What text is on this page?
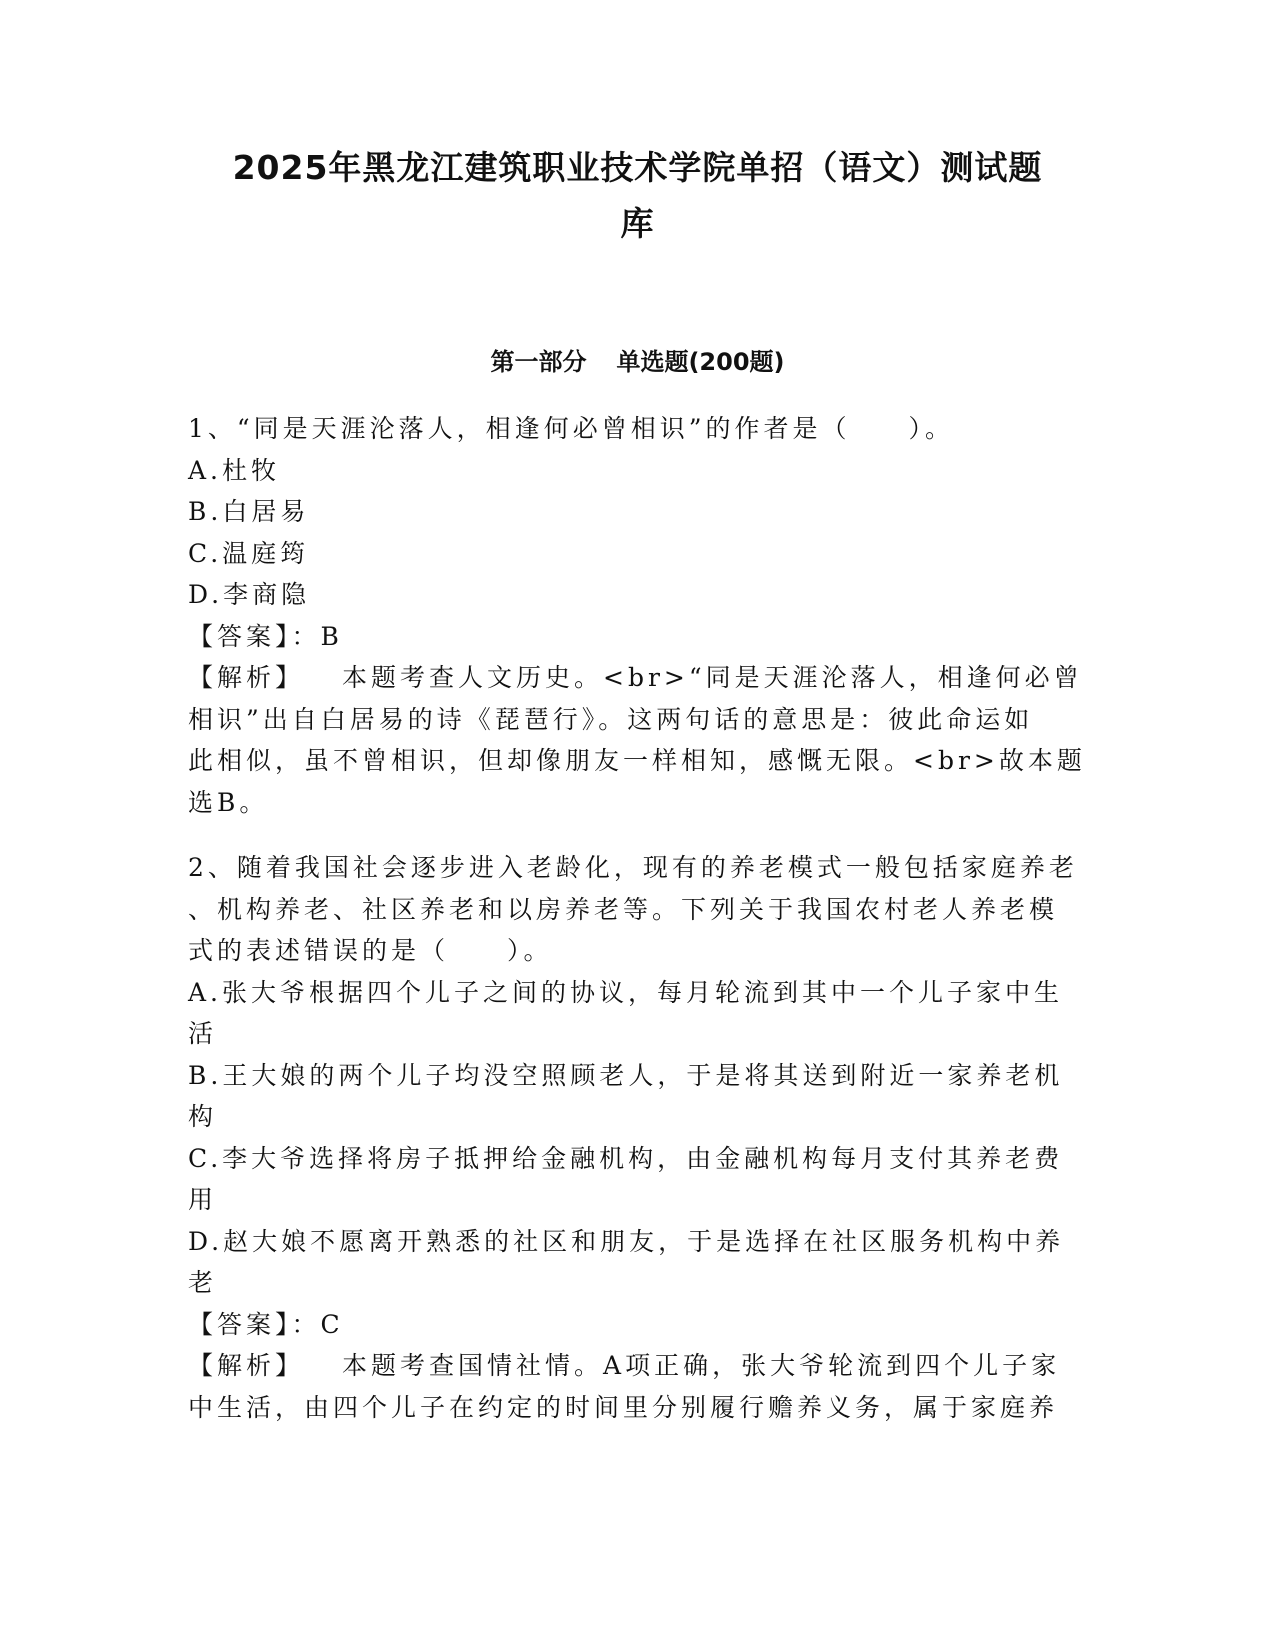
2025年黑龙江建筑职业技术学院单招（语文）测试题
库
第一部分 单选题(200题)
1、“同是天涯沦落人，相逢何必曾相识”的作者是（　　）。
A.杜牧
B.白居易
C.温庭筠
D.李商隐
【答案】：B
【解析】 本题考查人文历史。<br>“同是天涯沦落人，相逢何必曾
相识”出自白居易的诗《琵琶行》。这两句话的意思是：彼此命运如
此相似，虽不曾相识，但却像朋友一样相知，感慨无限。<br>故本题
选B。
2、随着我国社会逐步进入老龄化，现有的养老模式一般包括家庭养老
、机构养老、社区养老和以房养老等。下列关于我国农村老人养老模
式的表述错误的是（　　）。
A.张大爷根据四个儿子之间的协议，每月轮流到其中一个儿子家中生
活
B.王大娘的两个儿子均没空照顾老人，于是将其送到附近一家养老机
构
C.李大爷选择将房子抵押给金融机构，由金融机构每月支付其养老费
用
D.赵大娘不愿离开熟悉的社区和朋友，于是选择在社区服务机构中养
老
【答案】：C
【解析】 本题考查国情社情。A项正确，张大爷轮流到四个儿子家
中生活，由四个儿子在约定的时间里分别履行赡养义务，属于家庭养
